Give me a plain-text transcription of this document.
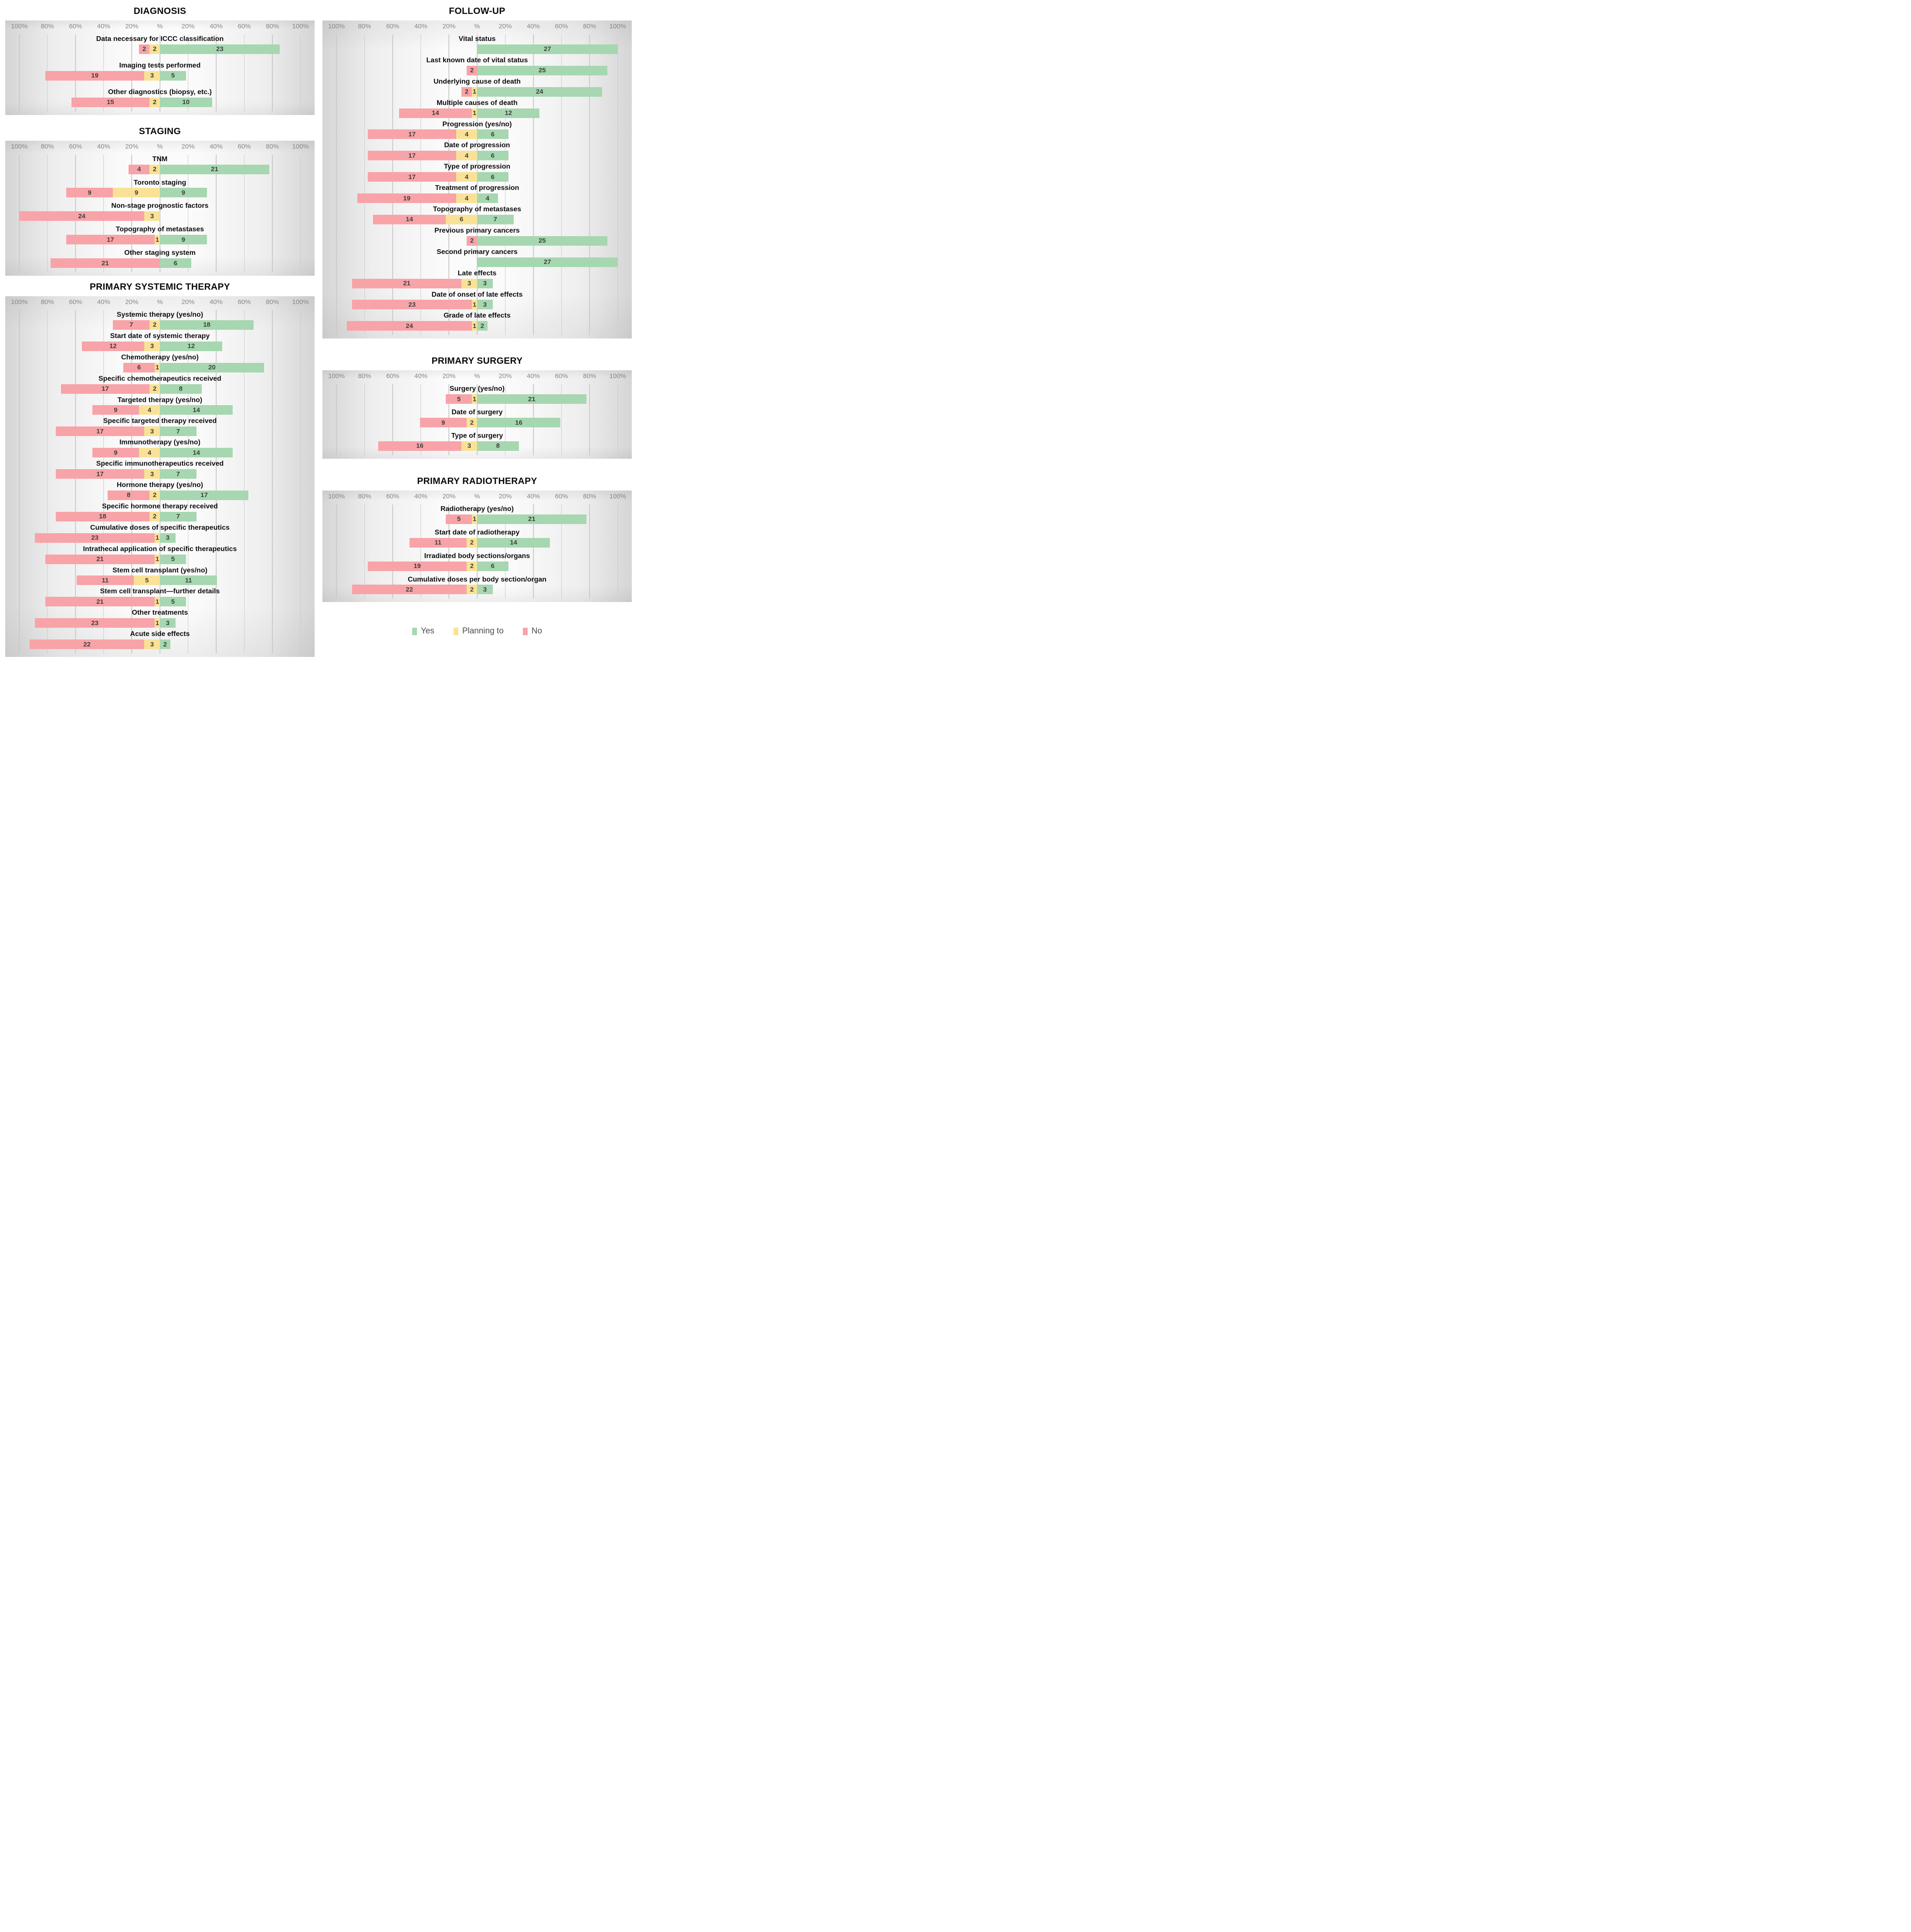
DIAGNOSIS
100% 80% 60% 40% 20%	%	20% 40% 60% 80% 100%
Data necessary for ICCC classification
2 2	23
Imaging tests performed
19	3	5
Other diagnostics (biopsy, etc.)
15	2	10
STAGING
100% 80% 60% 40% 20%	%	20% 40% 60% 80% 100%
TNM
4 2	21
Toronto staging
9	9	9
Non-stage prognostic factors
24	3
Topography of metastases
17	1	9
Other staging system
21	6
PRIMARY SYSTEMIC THERAPY
100% 80% 60% 40% 20%	%	20% 40% 60% 80% 100%
Systemic therapy (yes/no)
7	2	18
Start date of systemic therapy
12	3	12
Chemotherapy (yes/no)
6 1	20
Specific chemotherapeutics received
17	2	8
Targeted therapy (yes/no)
9	4	14
Specific targeted therapy received
17	3	7
Immunotherapy (yes/no)
9	4	14
Specific immunotherapeutics received
17	3	7
Hormone therapy (yes/no)
8	2	17
Specific hormone therapy received
18	2	7
Cumulative doses of specific therapeutics
23	1 3
Intrathecal application of specific therapeutics
21	1 5
Stem cell transplant (yes/no)
11	5	11
Stem cell transplant—further details
21	1 5
Other treatments
23	1 3
Acute side effects
22	3 2
FOLLOW-UP
100% 80% 60% 40% 20%	%	20% 40% 60% 80% 100%
Vital status
27
Last known date of vital status
2	25
Underlying cause of death
2 1	24
Multiple causes of death
14	1	12
Progression (yes/no)
17	4	6
Date of progression
17	4	6
Type of progression
17	4	6
Treatment of progression
19	4	4
Topography of metastases
14	6	7
Previous primary cancers
2	25
Second primary cancers
27
Late effects
21	3 3
Date of onset of late effects
23	1 3
Grade of late effects
24	1 2
PRIMARY SURGERY
100% 80% 60% 40% 20%	%	20% 40% 60% 80% 100%
Surgery (yes/no)
5 1	21
Date of surgery
9	2	16
Type of surgery
16	3	8
PRIMARY RADIOTHERAPY
100% 80% 60% 40% 20%	%	20% 40% 60% 80% 100%
Radiotherapy (yes/no)
5 1	21
Start date of radiotherapy
11	2	14
Irradiated body sections/organs
19	2	6
Cumulative doses per body section/organ
22	2 3
Yes	Planning to	No
